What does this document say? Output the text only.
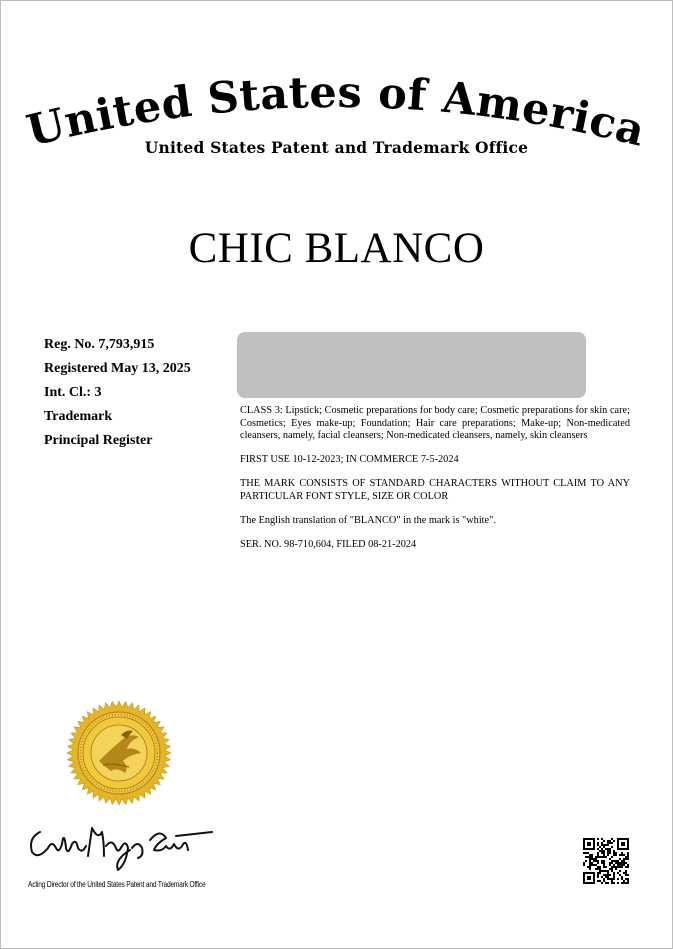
United States of America
United States Patent and Trademark Office
CHIC BLANCO
Reg. No. 7,793,915
Registered May 13, 2025
Int. Cl.: 3
Trademark
Principal Register

CLASS 3: Lipstick; Cosmetic preparations for body care; Cosmetic preparations for skin care; Cosmetics; Eyes make-up; Foundation; Hair care preparations; Make-up; Non-medicated cleansers, namely, facial cleansers; Non-medicated cleansers, namely, skin cleansers

FIRST USE 10-12-2023; IN COMMERCE 7-5-2024

THE MARK CONSISTS OF STANDARD CHARACTERS WITHOUT CLAIM TO ANY PARTICULAR FONT STYLE, SIZE OR COLOR

The English translation of "BLANCO" in the mark is "white".

SER. NO. 98-710,604, FILED 08-21-2024

Acting Director of the United States Patent and Trademark Office
